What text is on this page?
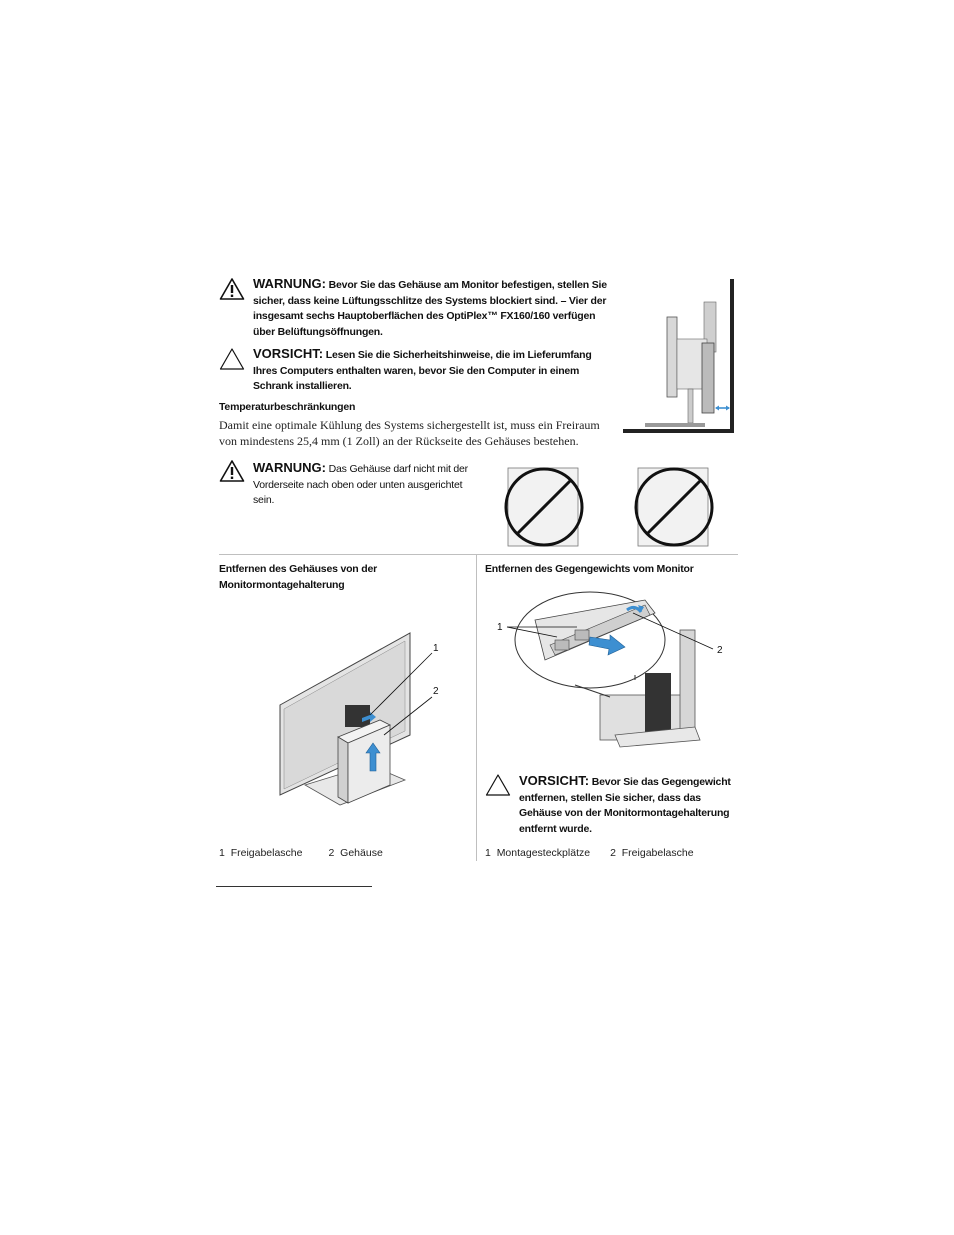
WARNUNG: Bevor Sie das Gehäuse am Monitor befestigen, stellen Sie sicher, dass keine Lüftungsschlitze des Systems blockiert sind. – Vier der insgesamt sechs Hauptoberflächen des OptiPlex™ FX160/160 verfügen über Belüftungsöffnungen.
VORSICHT: Lesen Sie die Sicherheitshinweise, die im Lieferumfang Ihres Computers enthalten waren, bevor Sie den Computer in einem Schrank installieren.
Temperaturbeschränkungen
Damit eine optimale Kühlung des Systems sichergestellt ist, muss ein Freiraum von mindestens 25,4 mm (1 Zoll) an der Rückseite des Gehäuses bestehen.
WARNUNG: Das Gehäuse darf nicht mit der Vorderseite nach oben oder unten ausgerichtet sein.
Entfernen des Gehäuses von der Monitormontagehalterung
1
2
1 Freigabelasche 2 Gehäuse
Entfernen des Gegengewichts vom Monitor
1
2
VORSICHT: Bevor Sie das Gegengewicht entfernen, stellen Sie sicher, dass das Gehäuse von der Monitormontagehalterung entfernt wurde.
1 Montagesteckplätze 2 Freigabelasche
